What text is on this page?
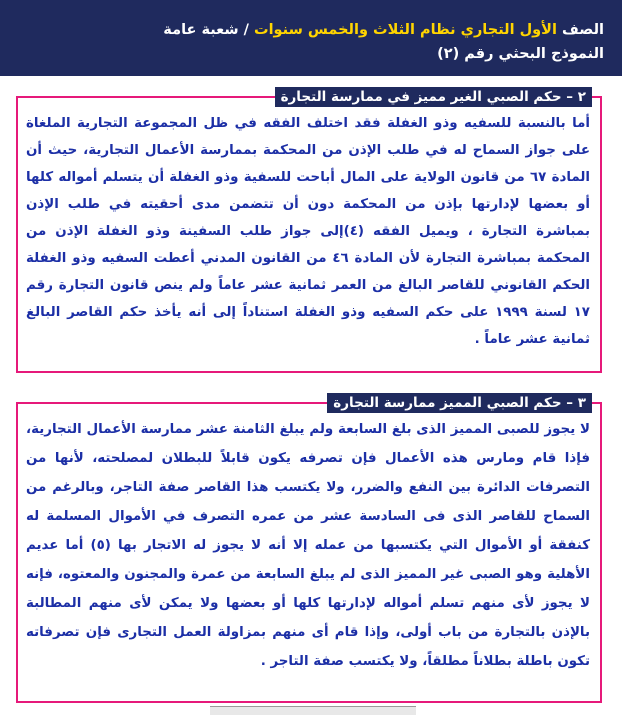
الصف الأول التجاري نظام الثلاث والخمس سنوات / شعبة عامة
النموذج البحثي رقم (٢)
٢ – حكم الصبي الغير مميز في ممارسة التجارة
أما بالنسبة للسفيه وذو الغفلة فقد اختلف الفقه في ظل المجموعة التجارية الملغاة على جواز السماح له في طلب الإذن من المحكمة بممارسة الأعمال التجارية، حيث أن المادة ٦٧ من قانون الولاية على المال أباحت للسفية وذو الغفلة أن يتسلم أمواله كلها أو بعضها لإدارتها بإذن من المحكمة دون أن تتضمن مدى أحقيته في طلب الإذن بمباشرة التجارة ، ويميل الفقه (٤)إلى جواز طلب السفينة وذو الغفلة الإذن من المحكمة بمباشرة التجارة لأن المادة ٤٦ من القانون المدني أعطت السفيه وذو الغفلة الحكم القانوني للقاصر البالغ من العمر ثمانية عشر عاماً ولم ينص قانون التجارة رقم ١٧ لسنة ١٩٩٩ على حكم السفيه وذو الغفلة استناداً إلى أنه يأخذ حكم القاصر البالغ ثمانية عشر عاماً .
٣ – حكم الصبي المميز ممارسة التجارة
لا يجوز للصبى المميز الذى بلغ السابعة ولم يبلغ الثامنة عشر ممارسة الأعمال التجارية، فإذا قام ومارس هذه الأعمال فإن تصرفه يكون قابلاً للبطلان لمصلحته، لأنها من التصرفات الدائرة بين النفع والضرر، ولا يكتسب هذا القاصر صفة التاجر، وبالرغم من السماح للقاصر الذى فى السادسة عشر من عمره التصرف في الأموال المسلمة له كنفقة أو الأموال التي يكتسبها من عمله إلا أنه لا يجوز له الاتجار بها (٥) أما عديم الأهلية وهو الصبى غير المميز الذى لم يبلغ السابعة من عمرة والمجنون والمعتوه، فإنه لا يجوز لأى منهم تسلم أمواله لإدارتها كلها أو بعضها ولا يمكن لأى منهم المطالبة بالإذن بالتجارة من باب أولى، وإذا قام أى منهم بمزاولة العمل التجارى فإن تصرفاته تكون باطلة بطلاناً مطلقاً، ولا يكتسب صفة التاجر .
